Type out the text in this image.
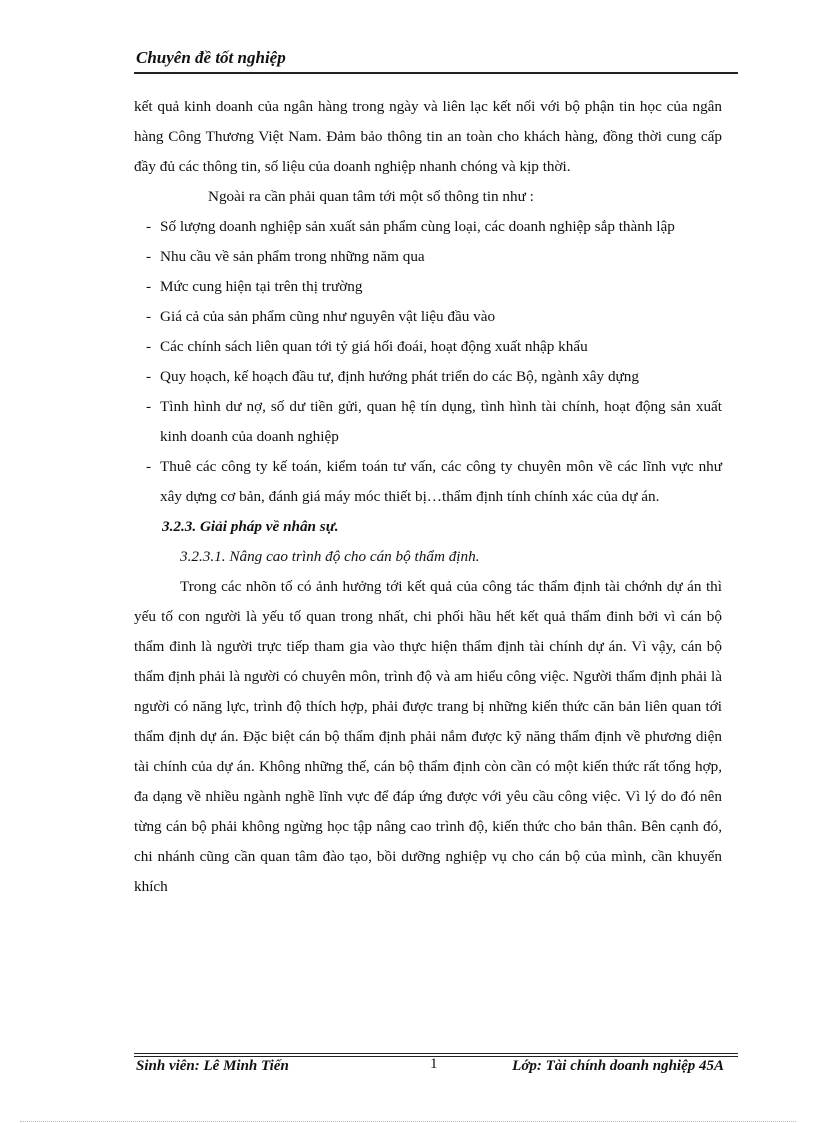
Chuyên đề tốt nghiệp

kết quả kinh doanh của ngân hàng trong ngày và liên lạc kết nối với bộ phận tin học của ngân hàng Công Thương Việt Nam. Đảm bảo thông tin an toàn cho khách hàng, đồng thời cung cấp đầy đủ các thông tin, số liệu của doanh nghiệp nhanh chóng và kịp thời.

Ngoài ra cần phải quan tâm tới một số thông tin như :

- Số lượng doanh nghiệp sản xuất sản phẩm cùng loại, các doanh nghiệp sắp thành lập
- Nhu cầu về sản phẩm trong những năm qua
- Mức cung hiện tại trên thị trường
- Giá cả của sản phẩm cũng như nguyên vật liệu đầu vào
- Các chính sách liên quan tới tỷ giá hối đoái, hoạt động xuất nhập khẩu
- Quy hoạch, kế hoạch đầu tư, định hướng phát triển do các Bộ, ngành xây dựng
- Tình hình dư nợ, số dư tiền gửi, quan hệ tín dụng, tình hình tài chính, hoạt động sản xuất kinh doanh của doanh nghiệp
- Thuê các công ty kế toán, kiểm toán tư vấn, các công ty chuyên môn về các lĩnh vực như xây dựng cơ bản, đánh giá máy móc thiết bị…thẩm định tính chính xác của dự án.

3.2.3. Giải pháp về nhân sự.

3.2.3.1. Nâng cao trình độ cho cán bộ thẩm định.

Trong các nhõn tố có ảnh hưởng tới kết quả của công tác thẩm định tài chớnh dự án thì yếu tố con người là yếu tố quan trong nhất, chi phối hầu hết kết quả thẩm đinh bởi vì cán bộ thẩm đinh là người trực tiếp tham gia vào thực hiện thẩm định tài chính dự án. Vì vậy, cán bộ thẩm định phải là người có chuyên môn, trình độ và am hiểu công việc. Người thẩm định phải là người có năng lực, trình độ thích hợp, phải được trang bị những kiến thức căn bản liên quan tới thẩm định dự án. Đặc biệt cán bộ thẩm định phải nắm được kỹ năng thẩm định về phương diện tài chính của dự án. Không những thế, cán bộ thẩm định còn cần có một kiến thức rất tổng hợp, đa dạng về nhiều ngành nghề lĩnh vực để đáp ứng được với yêu cầu công việc. Vì lý do đó nên từng cán bộ phải không ngừng học tập nâng cao trình độ, kiến thức cho bản thân. Bên cạnh đó, chi nhánh cũng cần quan tâm đào tạo, bồi dưỡng nghiệp vụ cho cán bộ của mình, cần khuyến khích

Sinh viên: Lê Minh Tiến	1	Lớp: Tài chính doanh nghiệp 45A
